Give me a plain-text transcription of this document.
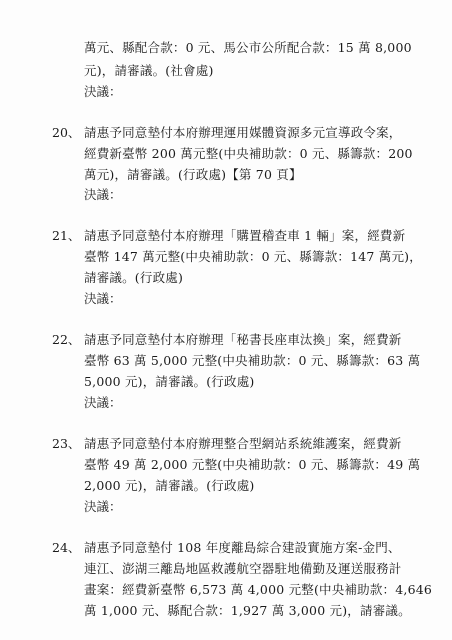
萬元、縣配合款：0 元、馬公市公所配合款：15 萬 8,000
元)，請審議。(社會處)
決議：
20、 請惠予同意墊付本府辦理運用媒體資源多元宣導政令案，
經費新臺幣 200 萬元整(中央補助款：0 元、縣籌款：200
萬元)，請審議。(行政處)【第 70 頁】
決議：
21、 請惠予同意墊付本府辦理「購置稽查車 1 輛」案，經費新
臺幣 147 萬元整(中央補助款：0 元、縣籌款：147 萬元)，
請審議。(行政處)
決議：
22、 請惠予同意墊付本府辦理「秘書長座車汰換」案，經費新
臺幣 63 萬 5,000 元整(中央補助款：0 元、縣籌款：63 萬
5,000 元)，請審議。(行政處)
決議：
23、 請惠予同意墊付本府辦理整合型網站系統維護案，經費新
臺幣 49 萬 2,000 元整(中央補助款：0 元、縣籌款：49 萬
2,000 元)，請審議。(行政處)
決議：
24、 請惠予同意墊付 108 年度離島綜合建設實施方案-金門、
連江、澎湖三離島地區救護航空器駐地備勤及運送服務計
畫案：經費新臺幣 6,573 萬 4,000 元整(中央補助款：4,646
萬 1,000 元、縣配合款：1,927 萬 3,000 元)，請審議。
